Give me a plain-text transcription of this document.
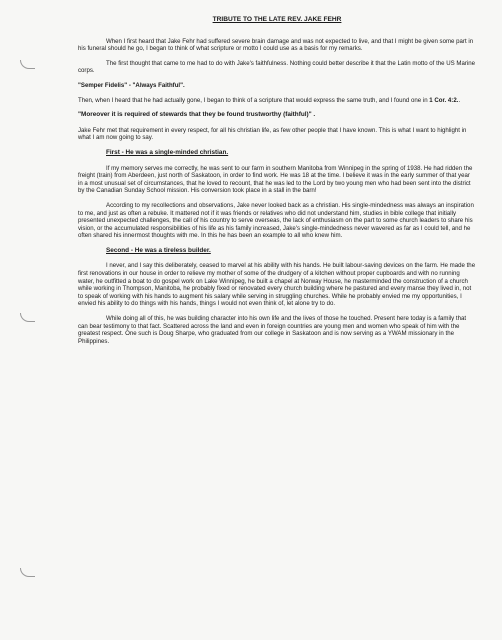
TRIBUTE TO THE LATE REV. JAKE FEHR

When I first heard that Jake Fehr had suffered severe brain damage and was not expected to live, and that I might be given some part in his funeral should he go, I began to think of what scripture or motto I could use as a basis for my remarks.

The first thought that came to me had to do with Jake's faithfulness. Nothing could better describe it that the Latin motto of the US Marine corps.

"Semper Fidelis" - "Always Faithful".

Then, when I heard that he had actually gone, I began to think of a scripture that would express the same truth, and I found one in 1 Cor. 4:2..

"Moreover it is required of stewards that they be found trustworthy (faithful)" .

Jake Fehr met that requirement in every respect, for all his christian life, as few other people that I have known. This is what I want to highlight in what I am now going to say.

First - He was a single-minded christian.

If my memory serves me correctly, he was sent to our farm in southern Manitoba from Winnipeg in the spring of 1938. He had ridden the freight (train) from Aberdeen, just north of Saskatoon, in order to find work. He was 18 at the time. I believe it was in the early summer of that year in a most unusual set of circumstances, that he loved to recount, that he was led to the Lord by two young men who had been sent into the district by the Canadian Sunday School mission. His conversion took place in a stall in the barn!

According to my recollections and observations, Jake never looked back as a christian. His single-mindedness was always an inspiration to me, and just as often a rebuke. It mattered not if it was friends or relatives who did not understand him, studies in bible college that initially presented unexpected challenges, the call of his country to serve overseas, the lack of enthusiasm on the part to some church leaders to share his vision, or the accumulated responsibilities of his life as his family increased, Jake's single-mindedness never wavered as far as I could tell, and he often shared his innermost thoughts with me. In this he has been an example to all who knew him.

Second - He was a tireless builder.

I never, and I say this deliberately, ceased to marvel at his ability with his hands. He built labour-saving devices on the farm. He made the first renovations in our house in order to relieve my mother of some of the drudgery of a kitchen without proper cupboards and with no running water, he outfitted a boat to do gospel work on Lake Winnipeg, he built a chapel at Norway House, he masterminded the construction of a church while working in Thompson, Manitoba, he probably fixed or renovated every church building where he pastured and every manse they lived in, not to speak of working with his hands to augment his salary while serving in struggling churches. While he probably envied me my opportunities, I envied his ability to do things with his hands, things I would not even think of, let alone try to do.

While doing all of this, he was building character into his own life and the lives of those he touched. Present here today is a family that can bear testimony to that fact. Scattered across the land and even in foreign countries are young men and women who speak of him with the greatest respect. One such is Doug Sharpe, who graduated from our college in Saskatoon and is now serving as a YWAM missionary in the Philippines.
